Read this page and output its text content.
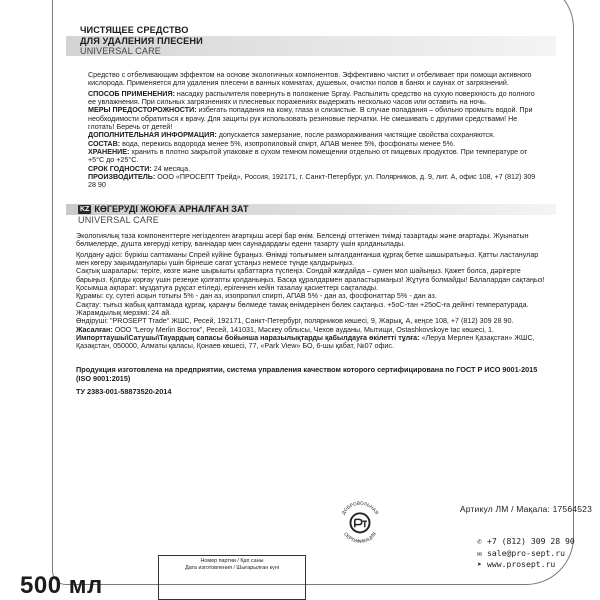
ЧИСТЯЩЕЕ СРЕДСТВО
ДЛЯ УДАЛЕНИЯ ПЛЕСЕНИ
UNIVERSAL CARE

Средство с отбеливающим эффектом на основе экологичных компонентов. Эффективно чистит и отбеливает при помощи активного кислорода. Применяется для удаления плесени в ванных комнатах, душевых, очистки полов в банях и саунах от загрязнений.

СПОСОБ ПРИМЕНЕНИЯ: насадку распылителя повернуть в положение Spray. Распылить средство на сухую поверхность до полного ее увлажнения. При сильных загрязнениях и плесневых поражениях выдержать несколько часов или оставить на ночь.

МЕРЫ ПРЕДОСТОРОЖНОСТИ: избегать попадания на кожу, глаза и слизистые. В случае попадания – обильно промыть водой. При необходимости обратиться к врачу. Для защиты рук использовать резиновые перчатки. Не смешивать с другими средствами! Не глотать! Беречь от детей!

ДОПОЛНИТЕЛЬНАЯ ИНФОРМАЦИЯ: допускается замерзание, после размораживания чистящие свойства сохраняются.

СОСТАВ: вода, перекись водорода менее 5%, изопропиловый спирт, АПАВ менее 5%, фосфонаты менее 5%.

ХРАНЕНИЕ: хранить в плотно закрытой упаковке в сухом темном помещении отдельно от пищевых продуктов. При температуре от +5°C до +25°C.

СРОК ГОДНОСТИ: 24 месяца.

ПРОИЗВОДИТЕЛЬ: ООО «ПРОСЕПТ Трейд», Россия, 192171, г. Санкт-Петербург, ул. Полярников, д. 9, лит. А, офис 108, +7 (812) 309 28 90

KZ КӨГЕРУДІ ЖОЮҒА АРНАЛҒАН ЗАТ
UNIVERSAL CARE

Экологиялық таза компоненттерге негізделген ағартқыш әсері бар өнім. Белсенді оттегімен тиімді тазартады және ағартады. Жуынатын бөлмелерде, душта көгеруді кетіру, ваннадар мен саунадардағы еденн тазарту үшін қолданылады.

Қолдану әдісі: бүрікіш саптаманы Спрей күйіне бұраңыз. Өнімді толығымен ылғалданғанша құрғақ бетке шашыратыңыз. Қатты ластанулар мен көгеру зақымданулары үшін бірнеше сағат ұстаңыз немесе түнде қалдырыңыз.

Сақтық шаралары: теріге, көзге және шырышты қабаттарға түспеңіз. Сондай жағдайда – сумен мол шайыңыз. Қажет болса, дәрігерге барыңыз. Қолды қорғау үшін резеңке қолғапты қолданыңыз. Басқа құралдармен араластырмаңыз! Жұтуға болмайды! Балалардан сақтаңыз!

Қосымша ақпарат: мұздатуға рұқсат етіледі, ерігеннен кейін тазалау қасиеттері сақталады.

Құрамы: су, сутегі асқын тотығы 5% - дан аз, изопропил спирті, АПАВ 5% - дан аз, фосфонаттар 5% - дан аз.

Сақтау: тығыз жабық қаптамада құрғақ, қараңғы бөлмеде тамақ өнімдерінен бөлек сақтаңыз. +5оС-тан +25оС-ға дейінгі температурада.

Жарамдылық мерзімі: 24 ай.

Өндіруші: "PROSEPT Trade" ЖШС, Ресей, 192171, Санкт-Петербург, полярников көшесі, 9, Жарық, А, кеңсе 108, +7 (812) 309 28 90.

Жасалған: ООО "Leroy Merlin Восток", Ресей, 141031, Мәскеу облысы, Чехов ауданы, Мытищи, Ostashkovskoye tac көшесі, 1.

Импорттаушы\Сатушы\Тауардың сапасы бойынша наразылықтарды қабылдауға өкілетті тұлға: «Леруа Мерлен Қазақстан» ЖШС, Қазақстан, 050000, Алматы қаласы, Қонаев көшесі, 77, «Park View» БО, 6-шы қабат, №07 офис.

Продукция изготовлена на предприятии, система управления качеством которого сертифицирована по ГОСТ Р ИСО 9001-2015 (ISO 9001:2015)
ТУ 2383-001-58873520-2014
Артикул ЛМ / Мақала: 17564523
500 мл
Номер партии / Қап саны
Дата изготовления / Шығарылған күні
ДОБРОВОЛЬНАЯ
СЕРТИФИКАЦИЯ
✆ +7 (812) 309 28 90
✉ sale@pro-sept.ru
➤ www.prosept.ru
